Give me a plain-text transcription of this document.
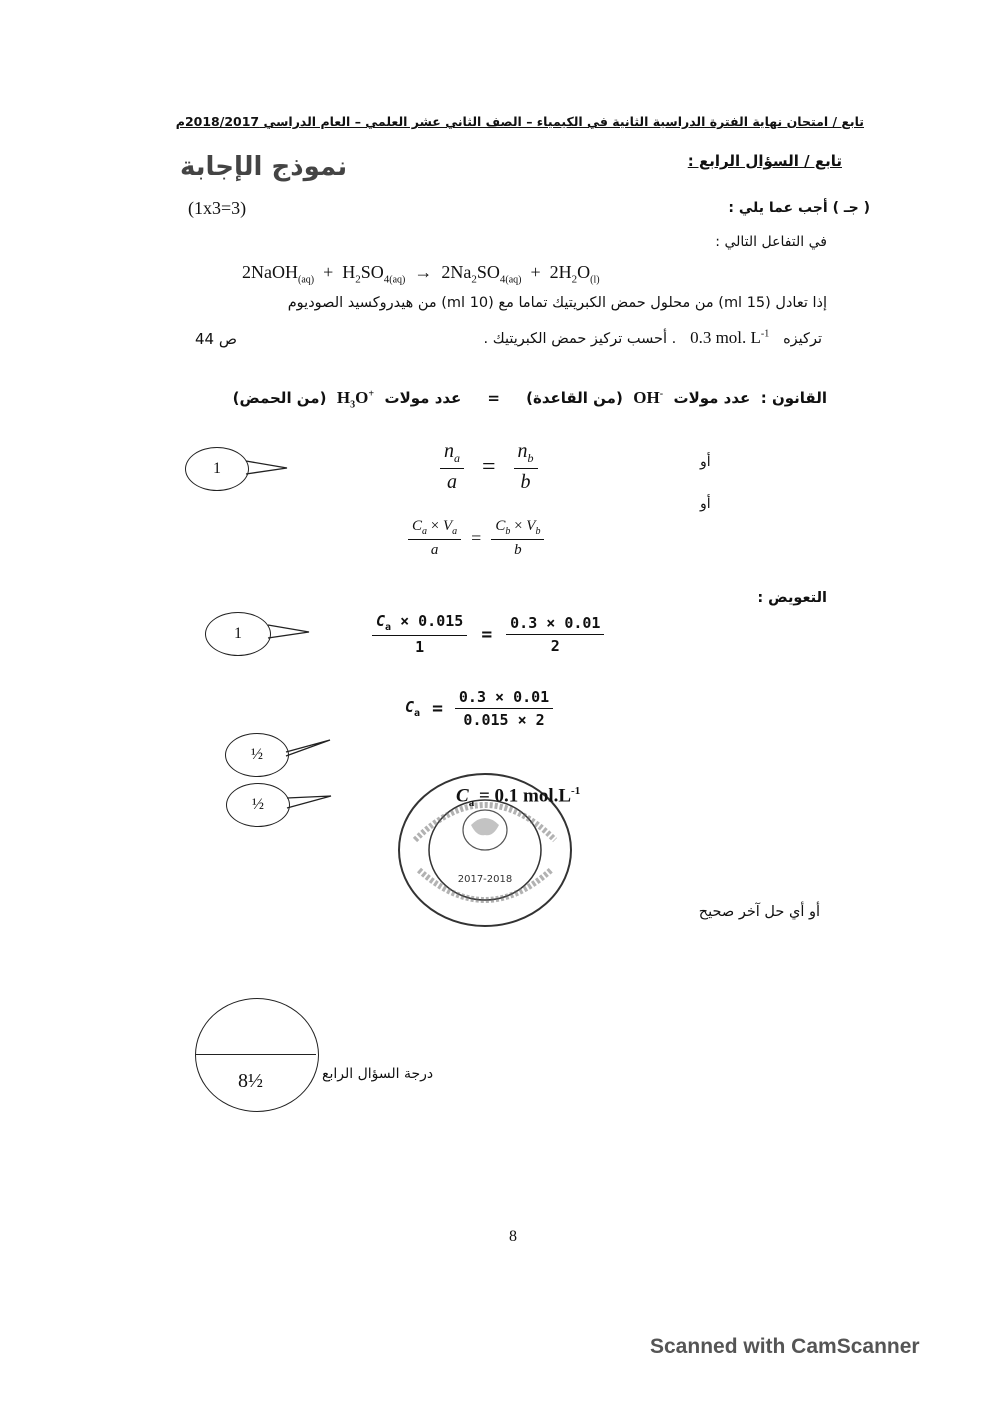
تابع / امتحان نهاية الفترة الدراسية الثانية في الكيمياء – الصف الثاني عشر العلمي – العام الدراسي 2018/2017م
نموذج الإجابة
(1x3=3)
تابع / السؤال الرابع :
( جـ ) أجب عما يلي :
في التفاعل التالي :
2NaOH$_{(aq)}$ + $H_2SO_{4(aq)} \to 2Na_2SO_{4(aq)} + 2H_2O_{(l)}$
إذا تعادل (15 ml) من محلول حمض الكبريتيك تماما مع (10 ml) من هيدروكسيد الصوديوم
تركيزه   0.3 mol. $L^{-1}$   . أحسب تركيز حمض الكبريتيك .
ص 44
القانون :  عدد مولات  OH-  (من القاعدة)     =     عدد مولات  $H_3O^+$  (من الحمض)
$\frac{n_a}{a} = \frac{n_b}{b}$	أو
أو
$\frac{C_a \times V_a}{a} = \frac{C_b \times V_b}{b}$
التعويض :
$\frac{C_a \times 0.015}{1} = \frac{0.3 \times 0.01}{2}$
$C_a = \frac{0.3 \times 0.01}{0.015 \times 2}$
2017-2018
$C_a = 0.1$ $mol.L^{-1}$
أو أي حل آخر صحيح
1
1
½
½
8½	درجة السؤال الرابع
8
Scanned with CamScanner
